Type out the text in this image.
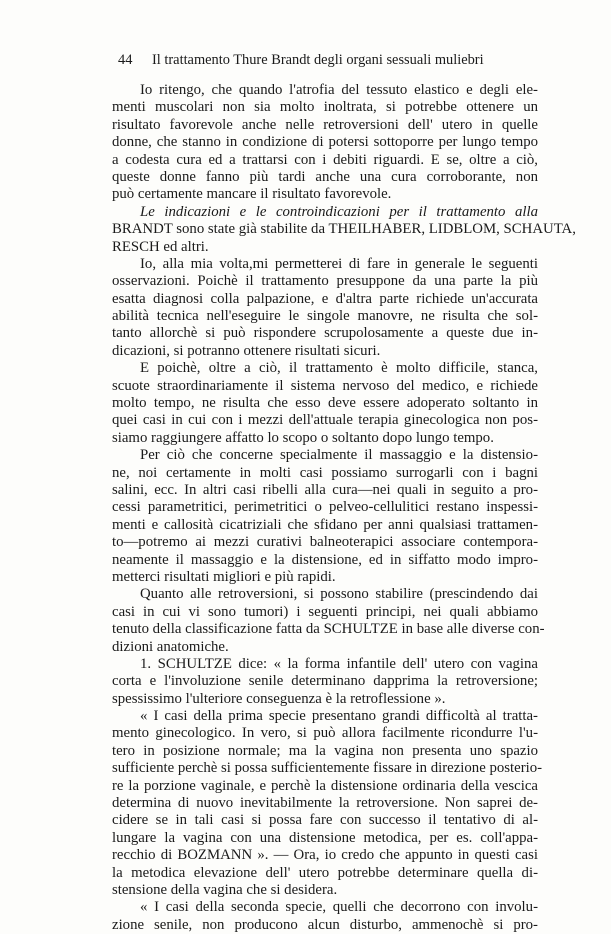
44 Il trattamento Thure Brandt degli organi sessuali muliebri
Io ritengo, che quando l'atrofia del tessuto elastico e degli ele-
menti muscolari non sia molto inoltrata, si potrebbe ottenere un
risultato favorevole anche nelle retroversioni dell' utero in quelle
donne, che stanno in condizione di potersi sottoporre per lungo tempo
a codesta cura ed a trattarsi con i debiti riguardi. E se, oltre a ciò,
queste donne fanno più tardi anche una cura corroborante, non
può certamente mancare il risultato favorevole.
Le indicazioni e le controindicazioni per il trattamento alla
BRANDT sono state già stabilite da THEILHABER, LIDBLOM, SCHAUTA,
RESCH ed altri.
Io, alla mia volta,mi permetterei di fare in generale le seguenti
osservazioni. Poichè il trattamento presuppone da una parte la più
esatta diagnosi colla palpazione, e d'altra parte richiede un'accurata
abilità tecnica nell'eseguire le singole manovre, ne risulta che sol-
tanto allorchè si può rispondere scrupolosamente a queste due in-
dicazioni, si potranno ottenere risultati sicuri.
E poichè, oltre a ciò, il trattamento è molto difficile, stanca,
scuote straordinariamente il sistema nervoso del medico, e richiede
molto tempo, ne risulta che esso deve essere adoperato soltanto in
quei casi in cui con i mezzi dell'attuale terapia ginecologica non pos-
siamo raggiungere affatto lo scopo o soltanto dopo lungo tempo.
Per ciò che concerne specialmente il massaggio e la distensio-
ne, noi certamente in molti casi possiamo surrogarli con i bagni
salini, ecc. In altri casi ribelli alla cura—nei quali in seguito a pro-
cessi parametritici, perimetritici o pelveo-cellulitici restano inspessi-
menti e callosità cicatriziali che sfidano per anni qualsiasi trattamen-
to—potremo ai mezzi curativi balneoterapici associare contempora-
neamente il massaggio e la distensione, ed in siffatto modo impro-
metterci risultati migliori e più rapidi.
Quanto alle retroversioni, si possono stabilire (prescindendo dai
casi in cui vi sono tumori) i seguenti principi, nei quali abbiamo
tenuto della classificazione fatta da SCHULTZE in base alle diverse con-
dizioni anatomiche.
1. SCHULTZE dice: « la forma infantile dell' utero con vagina
corta e l'involuzione senile determinano dapprima la retroversione;
spessissimo l'ulteriore conseguenza è la retroflessione ».
« I casi della prima specie presentano grandi difficoltà al tratta-
mento ginecologico. In vero, si può allora facilmente ricondurre l'u-
tero in posizione normale; ma la vagina non presenta uno spazio
sufficiente perchè si possa sufficientemente fissare in direzione posterio-
re la porzione vaginale, e perchè la distensione ordinaria della vescica
determina di nuovo inevitabilmente la retroversione. Non saprei de-
cidere se in tali casi si possa fare con successo il tentativo di al-
lungare la vagina con una distensione metodica, per es. coll'appa-
recchio di BOZMANN ». — Ora, io credo che appunto in questi casi
la metodica elevazione dell' utero potrebbe determinare quella di-
stensione della vagina che si desidera.
« I casi della seconda specie, quelli che decorrono con involu-
zione senile, non producono alcun disturbo, ammenochè si pro-
